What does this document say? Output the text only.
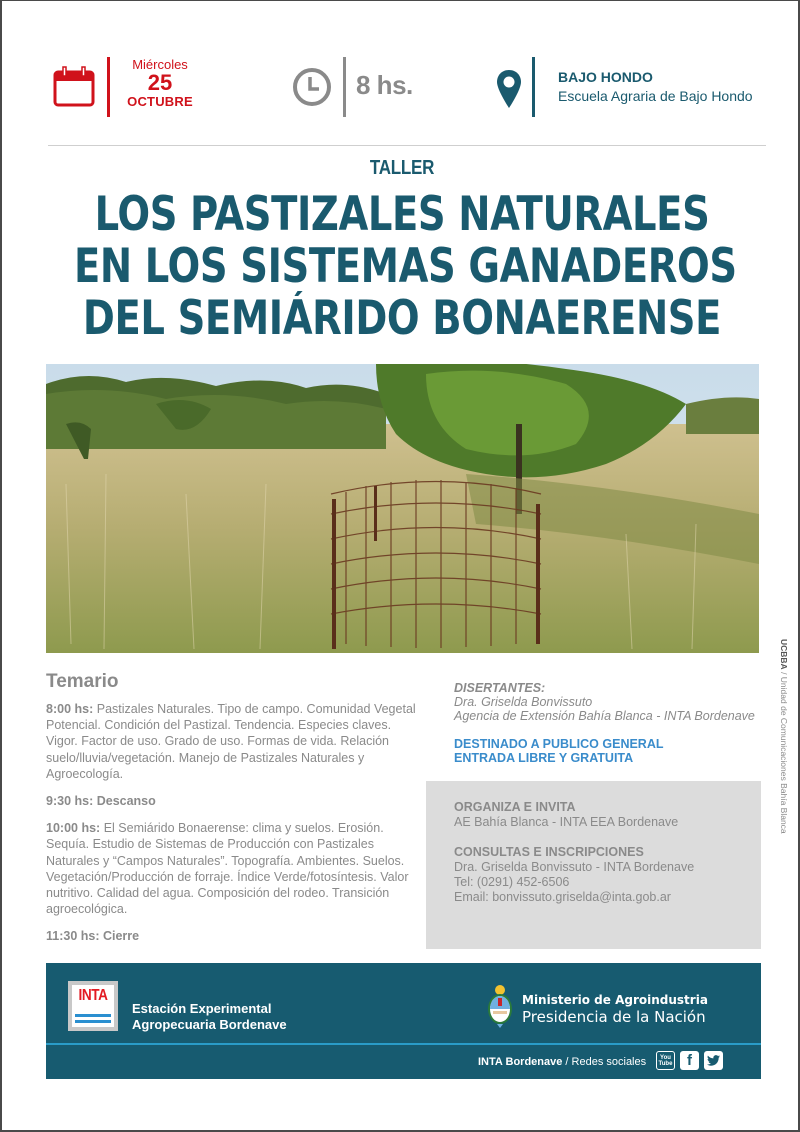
Miércoles
25
OCTUBRE
8 hs.	BAJO HONDO
Escuela Agraria de Bajo Hondo
TALLER
LOS PASTIZALES NATURALES
EN LOS SISTEMAS GANADEROS
DEL SEMIÁRIDO BONAERENSE
Temario

8:00 hs: Pastizales Naturales. Tipo de campo. Comunidad Vegetal Potencial. Condición del Pastizal. Tendencia. Especies claves. Vigor. Factor de uso. Grado de uso. Formas de vida. Relación suelo/lluvia/vegetación. Manejo de Pastizales Naturales y Agroecología.

9:30 hs: Descanso

10:00 hs: El Semiárido Bonaerense: clima y suelos. Erosión. Sequía. Estudio de Sistemas de Producción con Pastizales Naturales y “Campos Naturales”. Topografía. Ambientes. Suelos. Vegetación/Producción de forraje. Índice Verde/fotosíntesis. Valor nutritivo. Calidad del agua. Composición del rodeo. Transición agroecológica.

11:30 hs: Cierre

DISERTANTES:
Dra. Griselda Bonvissuto
Agencia de Extensión Bahía Blanca - INTA Bordenave
DESTINADO A PUBLICO GENERAL
ENTRADA LIBRE Y GRATUITA
ORGANIZA E INVITA
AE Bahía Blanca - INTA EEA Bordenave
CONSULTAS E INSCRIPCIONES
Dra. Griselda Bonvissuto - INTA Bordenave
Tel: (0291) 452-6506
Email: bonvissuto.griselda@inta.gob.ar
UCBBA / Unidad de Comunicaciones Bahía Blanca
INTA
Estación Experimental
Agropecuaria Bordenave
Ministerio de Agroindustria
Presidencia de la Nación
INTA Bordenave / Redes sociales You
Tube f
